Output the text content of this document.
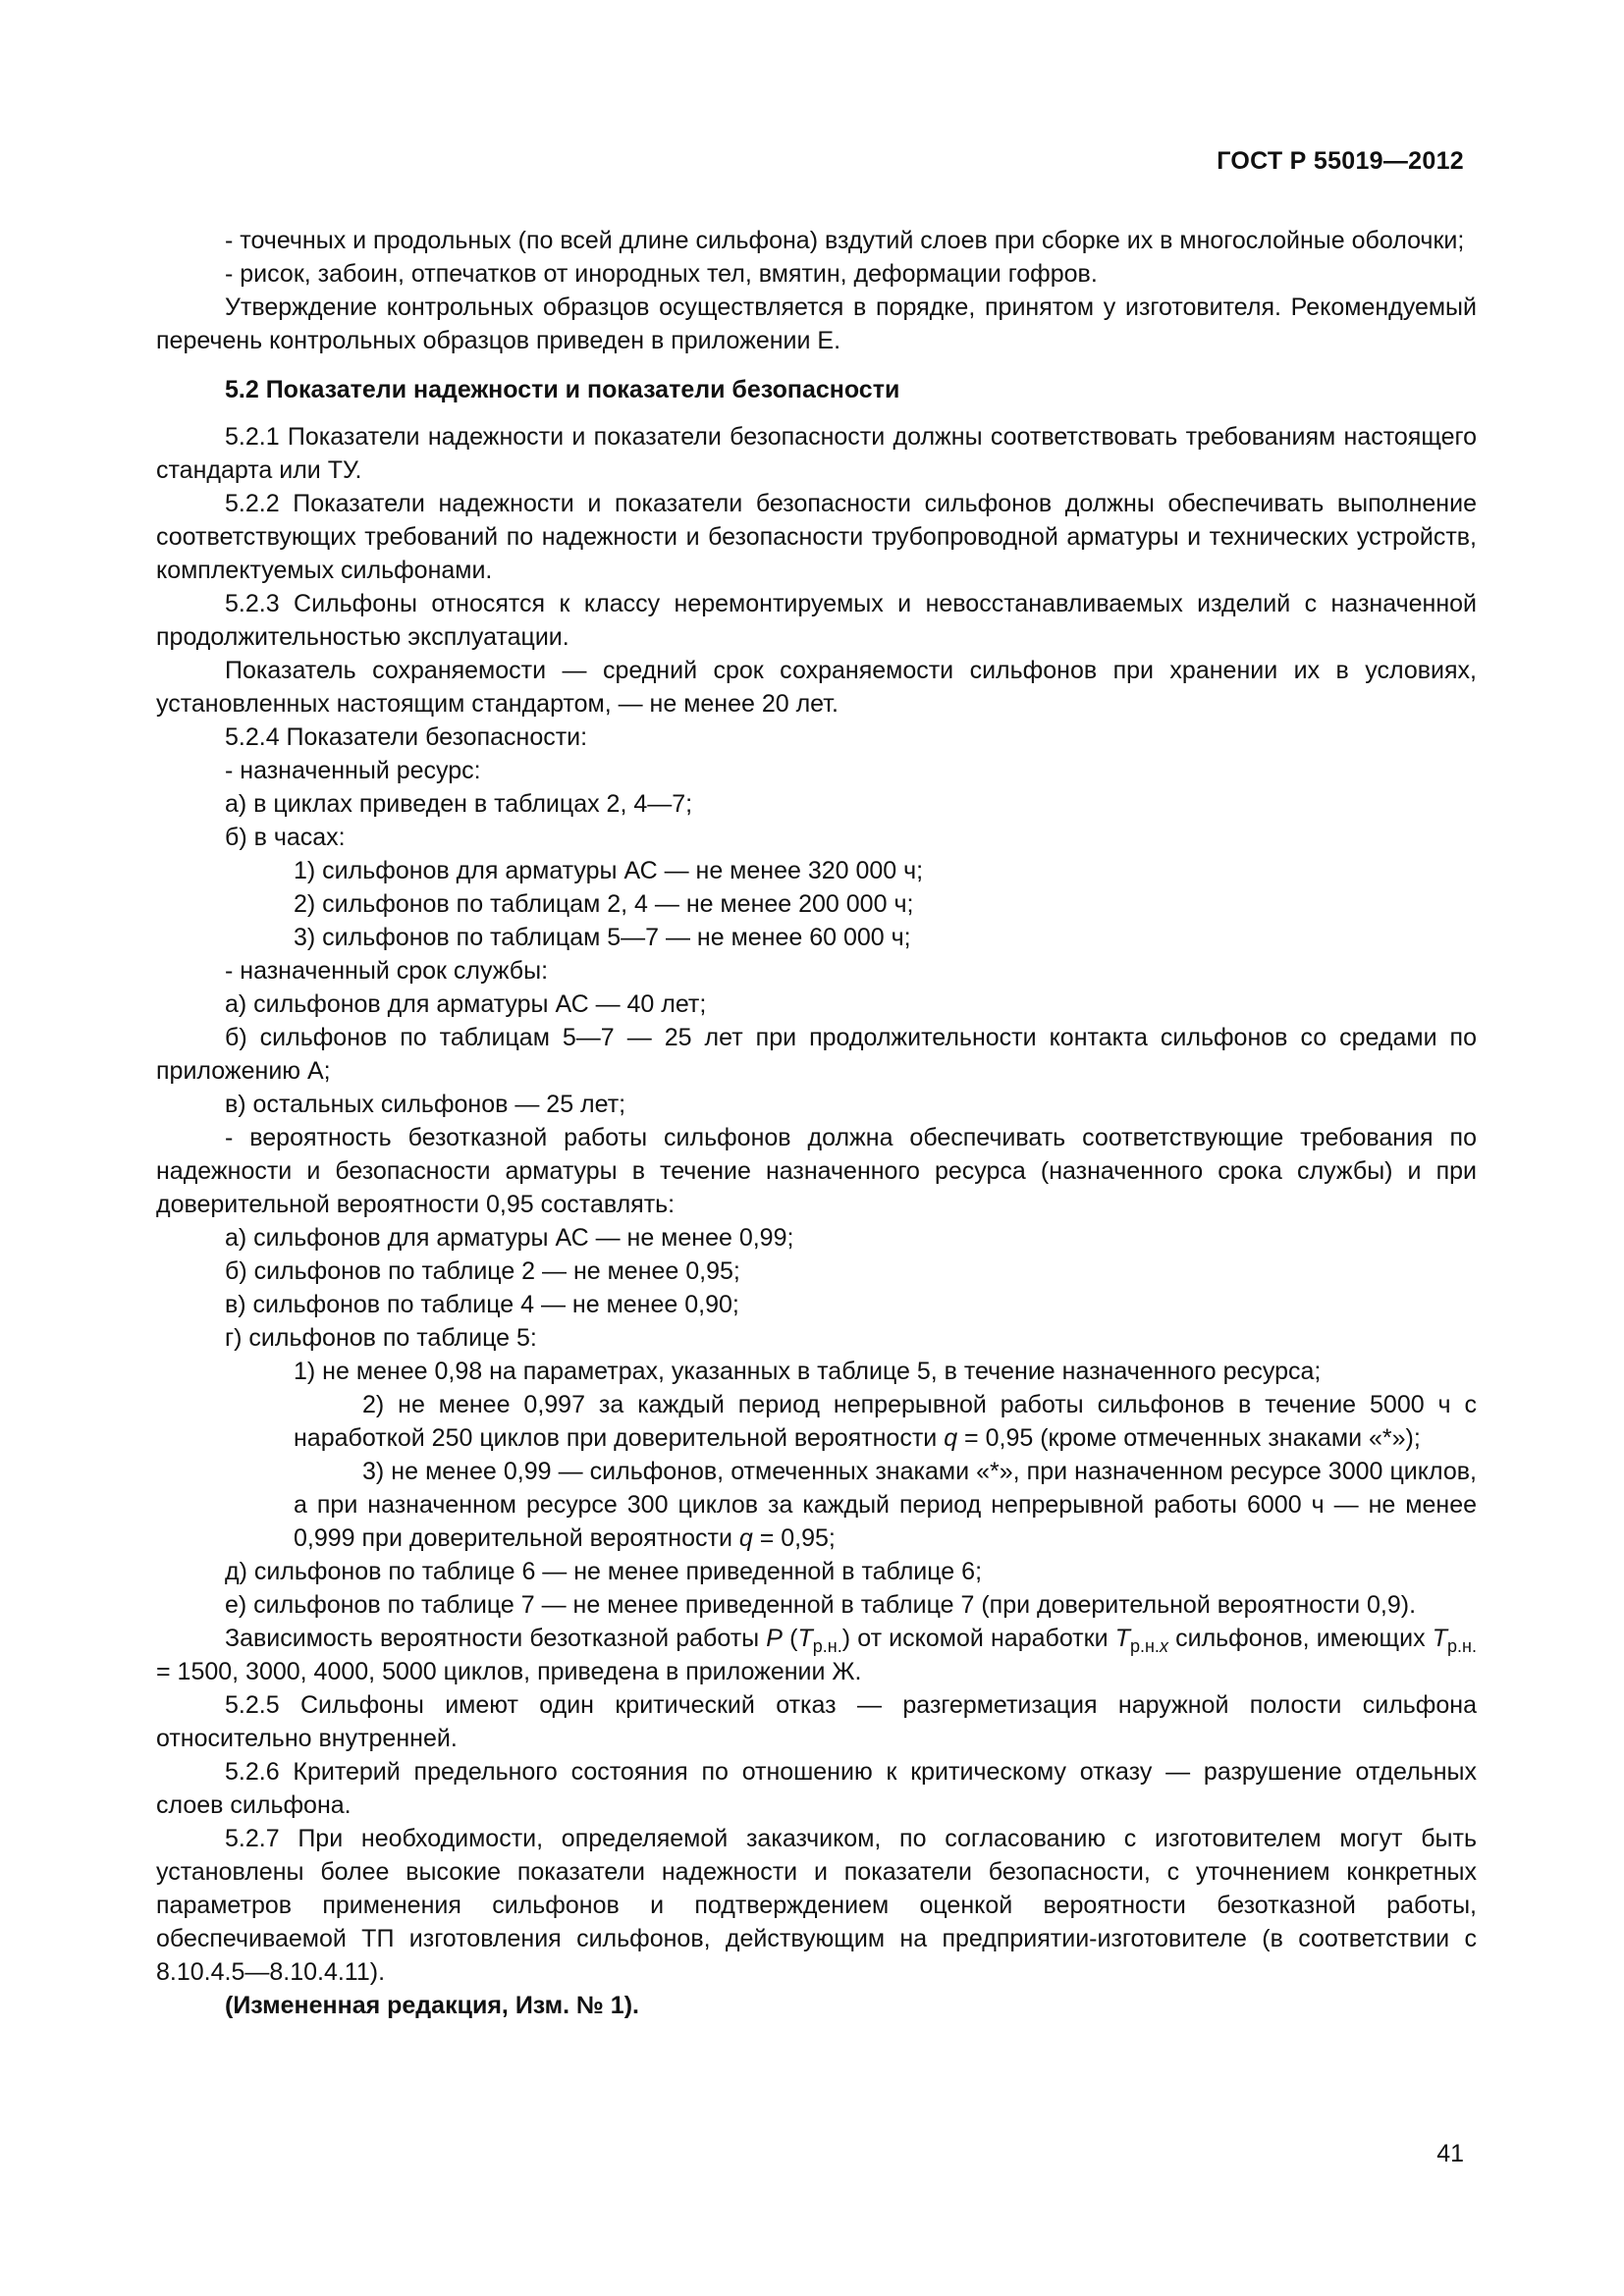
ГОСТ Р 55019—2012

- точечных и продольных (по всей длине сильфона) вздутий слоев при сборке их в многослойные оболочки;

- рисок, забоин, отпечатков от инородных тел, вмятин, деформации гофров.

Утверждение контрольных образцов осуществляется в порядке, принятом у изготовителя. Рекомендуемый перечень контрольных образцов приведен в приложении Е.

5.2 Показатели надежности и показатели безопасности

5.2.1 Показатели надежности и показатели безопасности должны соответствовать требованиям настоящего стандарта или ТУ.

5.2.2 Показатели надежности и показатели безопасности сильфонов должны обеспечивать выполнение соответствующих требований по надежности и безопасности трубопроводной арматуры и технических устройств, комплектуемых сильфонами.

5.2.3 Сильфоны относятся к классу неремонтируемых и невосстанавливаемых изделий с назначенной продолжительностью эксплуатации.

Показатель сохраняемости — средний срок сохраняемости сильфонов при хранении их в условиях, установленных настоящим стандартом, — не менее 20 лет.

5.2.4 Показатели безопасности:

- назначенный ресурс:

а) в циклах приведен в таблицах 2, 4—7;

б) в часах:

1) сильфонов для арматуры АС — не менее 320 000 ч;

2) сильфонов по таблицам 2, 4 — не менее 200 000 ч;

3) сильфонов по таблицам 5—7 — не менее 60 000 ч;

- назначенный срок службы:

а) сильфонов для арматуры АС — 40 лет;

б) сильфонов по таблицам 5—7 — 25 лет при продолжительности контакта сильфонов со средами по приложению А;

в) остальных сильфонов — 25 лет;

- вероятность безотказной работы сильфонов должна обеспечивать соответствующие требования по надежности и безопасности арматуры в течение назначенного ресурса (назначенного срока службы) и при доверительной вероятности 0,95 составлять:

а) сильфонов для арматуры АС — не менее 0,99;

б) сильфонов по таблице 2 — не менее 0,95;

в) сильфонов по таблице 4 — не менее 0,90;

г) сильфонов по таблице 5:

1) не менее 0,98 на параметрах, указанных в таблице 5, в течение назначенного ресурса;

2) не менее 0,997 за каждый период непрерывной работы сильфонов в течение 5000 ч с наработкой 250 циклов при доверительной вероятности q = 0,95 (кроме отмеченных знаками «*»);

3) не менее 0,99 — сильфонов, отмеченных знаками «*», при назначенном ресурсе 3000 циклов, а при назначенном ресурсе 300 циклов за каждый период непрерывной работы 6000 ч — не менее 0,999 при доверительной вероятности q = 0,95;

д) сильфонов по таблице 6 — не менее приведенной в таблице 6;

е) сильфонов по таблице 7 — не менее приведенной в таблице 7 (при доверительной вероятности 0,9).

Зависимость вероятности безотказной работы P $(T_{р.н.})$ от искомой наработки $T_{р.н.x}$ сильфонов, имеющих $T_{р.н.} = 1500$, 3000, 4000, 5000 циклов, приведена в приложении Ж.

5.2.5 Сильфоны имеют один критический отказ — разгерметизация наружной полости сильфона относительно внутренней.

5.2.6 Критерий предельного состояния по отношению к критическому отказу — разрушение отдельных слоев сильфона.

5.2.7 При необходимости, определяемой заказчиком, по согласованию с изготовителем могут быть установлены более высокие показатели надежности и показатели безопасности, с уточнением конкретных параметров применения сильфонов и подтверждением оценкой вероятности безотказной работы, обеспечиваемой ТП изготовления сильфонов, действующим на предприятии-изготовителе (в соответствии с 8.10.4.5—8.10.4.11).

(Измененная редакция, Изм. № 1).

41
